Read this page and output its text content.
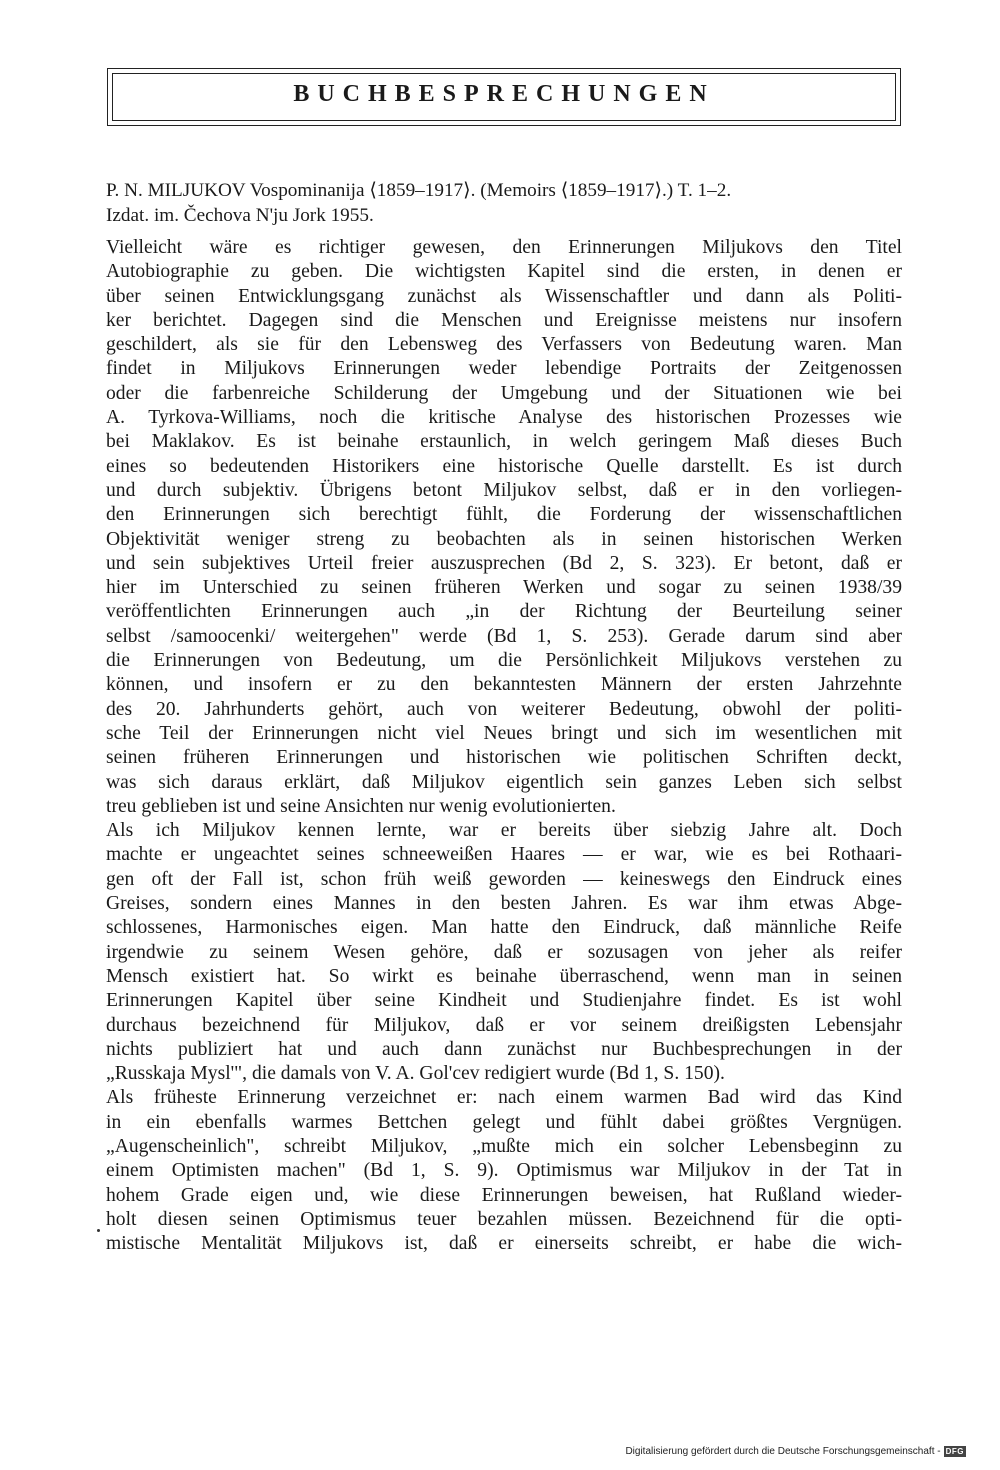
BUCHBESPRECHUNGEN
P. N. MILJUKOV Vospominanija ⟨1859–1917⟩. (Memoirs ⟨1859–1917⟩.) T. 1–2.
Izdat. im. Čechova N'ju Jork 1955.
Vielleicht wäre es richtiger gewesen, den Erinnerungen Miljukovs den Titel
Autobiographie zu geben. Die wichtigsten Kapitel sind die ersten, in denen er
über seinen Entwicklungsgang zunächst als Wissenschaftler und dann als Politi-
ker berichtet. Dagegen sind die Menschen und Ereignisse meistens nur insofern
geschildert, als sie für den Lebensweg des Verfassers von Bedeutung waren. Man
findet in Miljukovs Erinnerungen weder lebendige Portraits der Zeitgenossen
oder die farbenreiche Schilderung der Umgebung und der Situationen wie bei
A. Tyrkova-Williams, noch die kritische Analyse des historischen Prozesses wie
bei Maklakov. Es ist beinahe erstaunlich, in welch geringem Maß dieses Buch
eines so bedeutenden Historikers eine historische Quelle darstellt. Es ist durch
und durch subjektiv. Übrigens betont Miljukov selbst, daß er in den vorliegen-
den Erinnerungen sich berechtigt fühlt, die Forderung der wissenschaftlichen
Objektivität weniger streng zu beobachten als in seinen historischen Werken
und sein subjektives Urteil freier auszusprechen (Bd 2, S. 323). Er betont, daß er
hier im Unterschied zu seinen früheren Werken und sogar zu seinen 1938/39
veröffentlichten Erinnerungen auch „in der Richtung der Beurteilung seiner
selbst /samoocenki/ weitergehen" werde (Bd 1, S. 253). Gerade darum sind aber
die Erinnerungen von Bedeutung, um die Persönlichkeit Miljukovs verstehen zu
können, und insofern er zu den bekanntesten Männern der ersten Jahrzehnte
des 20. Jahrhunderts gehört, auch von weiterer Bedeutung, obwohl der politi-
sche Teil der Erinnerungen nicht viel Neues bringt und sich im wesentlichen mit
seinen früheren Erinnerungen und historischen wie politischen Schriften deckt,
was sich daraus erklärt, daß Miljukov eigentlich sein ganzes Leben sich selbst
treu geblieben ist und seine Ansichten nur wenig evolutionierten.
Als ich Miljukov kennen lernte, war er bereits über siebzig Jahre alt. Doch
machte er ungeachtet seines schneeweißen Haares — er war, wie es bei Rothaari-
gen oft der Fall ist, schon früh weiß geworden — keineswegs den Eindruck eines
Greises, sondern eines Mannes in den besten Jahren. Es war ihm etwas Abge-
schlossenes, Harmonisches eigen. Man hatte den Eindruck, daß männliche Reife
irgendwie zu seinem Wesen gehöre, daß er sozusagen von jeher als reifer
Mensch existiert hat. So wirkt es beinahe überraschend, wenn man in seinen
Erinnerungen Kapitel über seine Kindheit und Studienjahre findet. Es ist wohl
durchaus bezeichnend für Miljukov, daß er vor seinem dreißigsten Lebensjahr
nichts publiziert hat und auch dann zunächst nur Buchbesprechungen in der
„Russkaja Mysl'", die damals von V. A. Gol'cev redigiert wurde (Bd 1, S. 150).
Als früheste Erinnerung verzeichnet er: nach einem warmen Bad wird das Kind
in ein ebenfalls warmes Bettchen gelegt und fühlt dabei größtes Vergnügen.
„Augenscheinlich", schreibt Miljukov, „mußte mich ein solcher Lebensbeginn zu
einem Optimisten machen" (Bd 1, S. 9). Optimismus war Miljukov in der Tat in
hohem Grade eigen und, wie diese Erinnerungen beweisen, hat Rußland wieder-
holt diesen seinen Optimismus teuer bezahlen müssen. Bezeichnend für die opti-
mistische Mentalität Miljukovs ist, daß er einerseits schreibt, er habe die wich-
Digitalisierung gefördert durch die Deutsche Forschungsgemeinschaft - DFG
